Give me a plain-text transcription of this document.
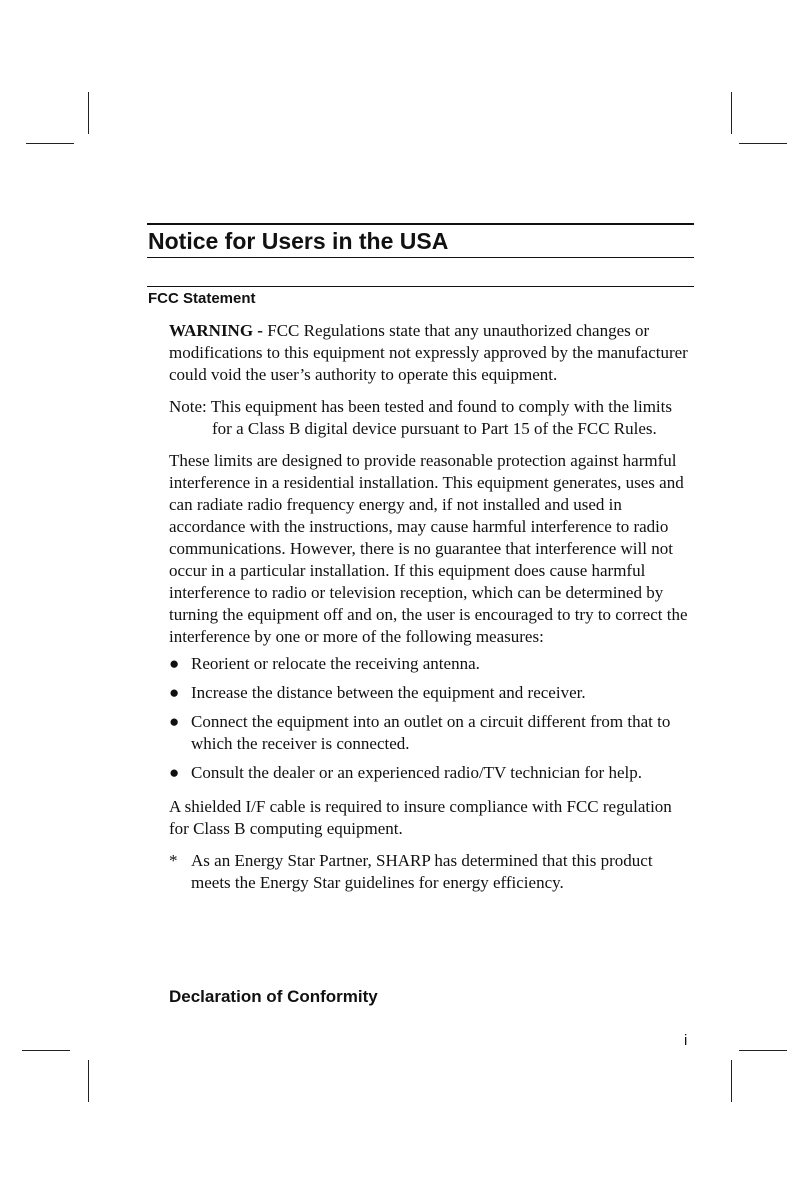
Notice for Users in the USA
FCC Statement

WARNING - FCC Regulations state that any unauthorized changes or modifications to this equipment not expressly approved by the manufacturer could void the user’s authority to operate this equipment.

Note: This equipment has been tested and found to comply with the limits for a Class B digital device pursuant to Part 15 of the FCC Rules.

These limits are designed to provide reasonable protection against harmful interference in a residential installation. This equipment generates, uses and can radiate radio frequency energy and, if not installed and used in accordance with the instructions, may cause harmful interference to radio communications. However, there is no guarantee that interference will not occur in a particular installation. If this equipment does cause harmful interference to radio or television reception, which can be determined by turning the equipment off and on, the user is encouraged to try to correct the interference by one or more of the following measures:

● Reorient or relocate the receiving antenna.
● Increase the distance between the equipment and receiver.
● Connect the equipment into an outlet on a circuit different from that to which the receiver is connected.
● Consult the dealer or an experienced radio/TV technician for help.

A shielded I/F cable is required to insure compliance with FCC regulation for Class B computing equipment.

* As an Energy Star Partner, SHARP has determined that this product meets the Energy Star guidelines for energy efficiency.

Declaration of Conformity
i
